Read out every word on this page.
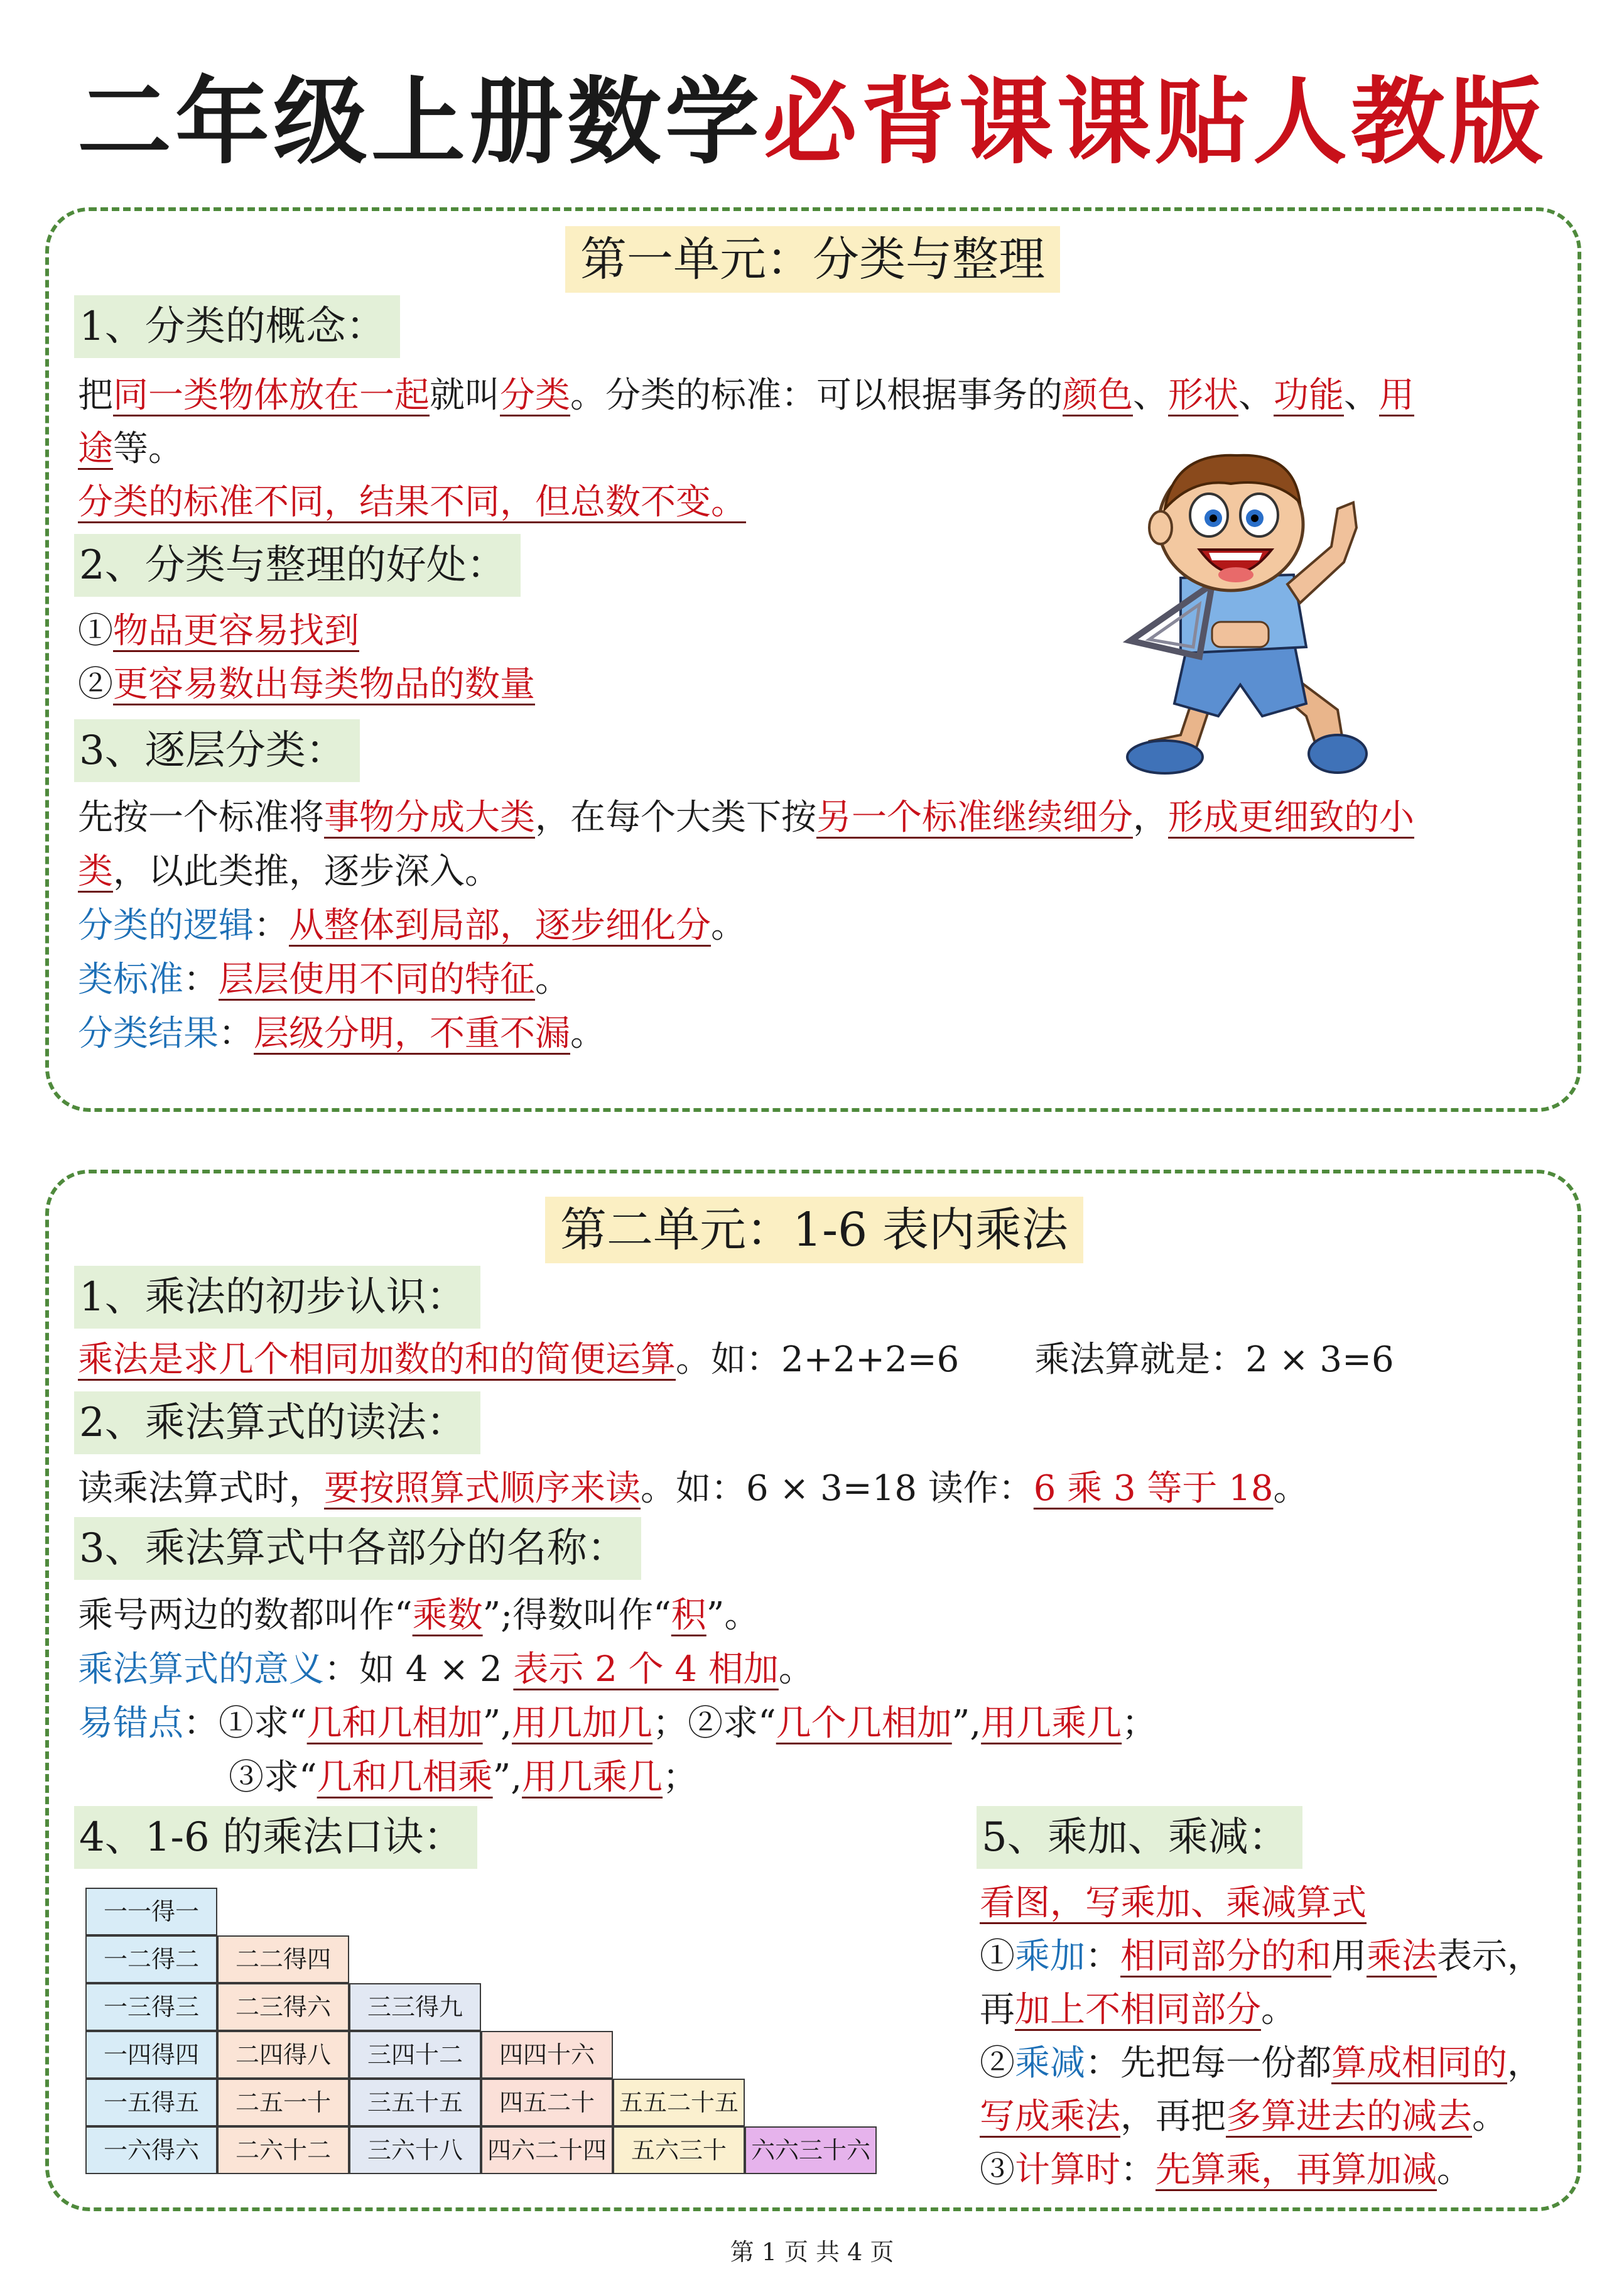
二年级上册数学必背课课贴人教版
第一单元：分类与整理
1、分类的概念：
把同一类物体放在一起就叫分类。分类的标准：可以根据事务的颜色、形状、功能、用
途等。
分类的标准不同，结果不同，但总数不变。
2、分类与整理的好处：
①物品更容易找到
②更容易数出每类物品的数量
3、逐层分类：
先按一个标准将事物分成大类，在每个大类下按另一个标准继续细分，形成更细致的小
类，以此类推，逐步深入。
分类的逻辑：从整体到局部，逐步细化分。
类标准：层层使用不同的特征。
分类结果：层级分明，不重不漏。
第二单元：1-6 表内乘法
1、乘法的初步认识：
乘法是求几个相同加数的和的简便运算。如：2+2+2=6 乘法算就是：2 × 3=6
2、乘法算式的读法：
读乘法算式时，要按照算式顺序来读。如：6 × 3=18 读作：6 乘 3 等于 18。
3、乘法算式中各部分的名称：
乘号两边的数都叫作“乘数”;得数叫作“积”。
乘法算式的意义：如 4 × 2 表示 2 个 4 相加。
易错点：①求“几和几相加”,用几加几；②求“几个几相加”,用几乘几；
③求“几和几相乘”,用几乘几；
4、1-6 的乘法口诀：
一一得一
一二得二	二二得四
一三得三	二三得六	三三得九
一四得四	二四得八	三四十二	四四十六
一五得五	二五一十	三五十五	四五二十	五五二十五
一六得六	二六十二	三六十八	四六二十四	五六三十	六六三十六
5、乘加、乘减：
看图，写乘加、乘减算式
①乘加：相同部分的和用乘法表示，
再加上不相同部分。
②乘减：先把每一份都算成相同的，
写成乘法，再把多算进去的减去。
③计算时：先算乘，再算加减。
第 1 页 共 4 页
